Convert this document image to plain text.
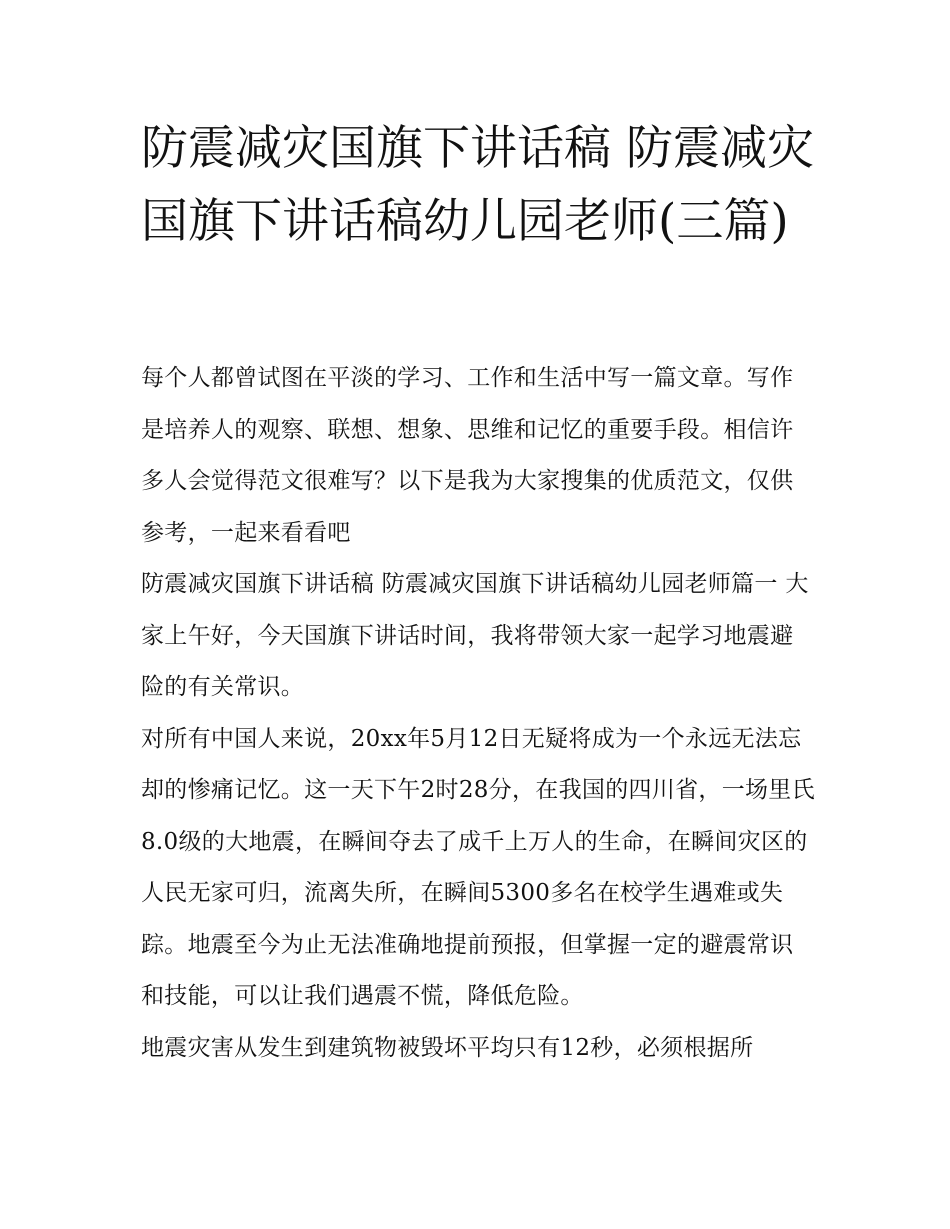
防震减灾国旗下讲话稿 防震减灾国旗下讲话稿幼儿园老师(三篇)

每个人都曾试图在平淡的学习、工作和生活中写一篇文章。写作是培养人的观察、联想、想象、思维和记忆的重要手段。相信许多人会觉得范文很难写？以下是我为大家搜集的优质范文，仅供参考，一起来看看吧

防震减灾国旗下讲话稿 防震减灾国旗下讲话稿幼儿园老师篇一 大家上午好，今天国旗下讲话时间，我将带领大家一起学习地震避险的有关常识。

对所有中国人来说，20xx年5月12日无疑将成为一个永远无法忘却的惨痛记忆。这一天下午2时28分，在我国的四川省，一场里氏8.0级的大地震，在瞬间夺去了成千上万人的生命，在瞬间灾区的人民无家可归，流离失所，在瞬间5300多名在校学生遇难或失踪。地震至今为止无法准确地提前预报，但掌握一定的避震常识和技能，可以让我们遇震不慌，降低危险。

地震灾害从发生到建筑物被毁坏平均只有12秒，必须根据所
